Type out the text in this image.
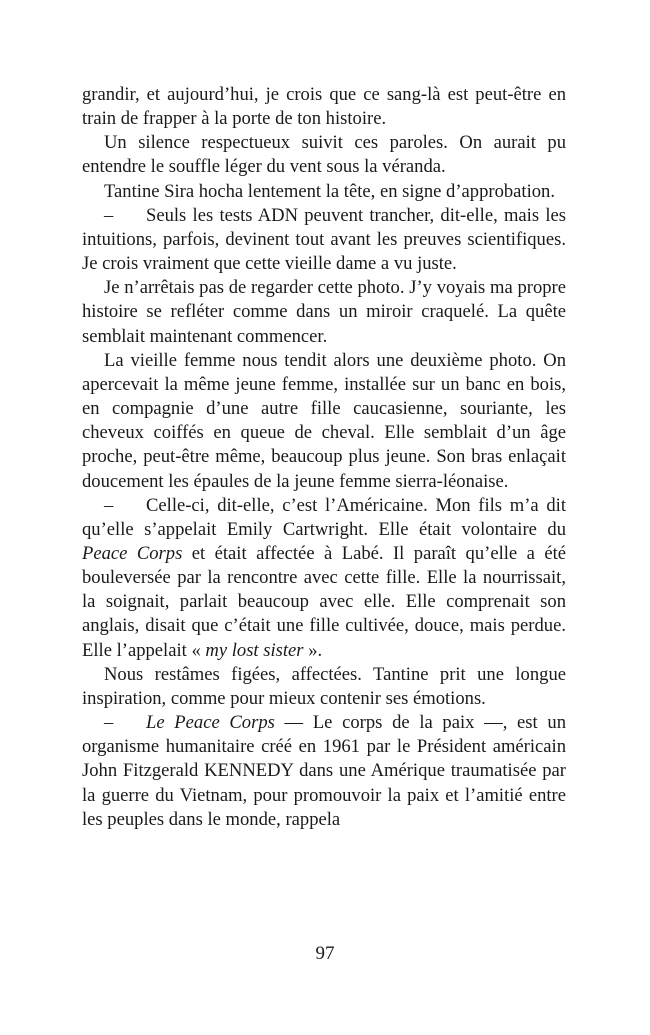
grandir, et aujourd’hui, je crois que ce sang-là est peut-être en train de frapper à la porte de ton histoire.

Un silence respectueux suivit ces paroles. On aurait pu entendre le souffle léger du vent sous la véranda.

Tantine Sira hocha lentement la tête, en signe d’approbation.

– Seuls les tests ADN peuvent trancher, dit-elle, mais les intuitions, parfois, devinent tout avant les preuves scientifiques. Je crois vraiment que cette vieille dame a vu juste.

Je n’arrêtais pas de regarder cette photo. J’y voyais ma propre histoire se refléter comme dans un miroir craquelé. La quête semblait maintenant commencer.

La vieille femme nous tendit alors une deuxième photo. On apercevait la même jeune femme, installée sur un banc en bois, en compagnie d’une autre fille caucasienne, souriante, les cheveux coiffés en queue de cheval. Elle semblait d’un âge proche, peut-être même, beaucoup plus jeune. Son bras enlaçait doucement les épaules de la jeune femme sierra-léonaise.

– Celle-ci, dit-elle, c’est l’Américaine. Mon fils m’a dit qu’elle s’appelait Emily Cartwright. Elle était volontaire du Peace Corps et était affectée à Labé. Il paraît qu’elle a été bouleversée par la rencontre avec cette fille. Elle la nourrissait, la soignait, parlait beaucoup avec elle. Elle comprenait son anglais, disait que c’était une fille cultivée, douce, mais perdue. Elle l’appelait « my lost sister ».

Nous restâmes figées, affectées. Tantine prit une longue inspiration, comme pour mieux contenir ses émotions.

– Le Peace Corps — Le corps de la paix —, est un organisme humanitaire créé en 1961 par le Président américain John Fitzgerald KENNEDY dans une Amérique traumatisée par la guerre du Vietnam, pour promouvoir la paix et l’amitié entre les peuples dans le monde, rappela

97
